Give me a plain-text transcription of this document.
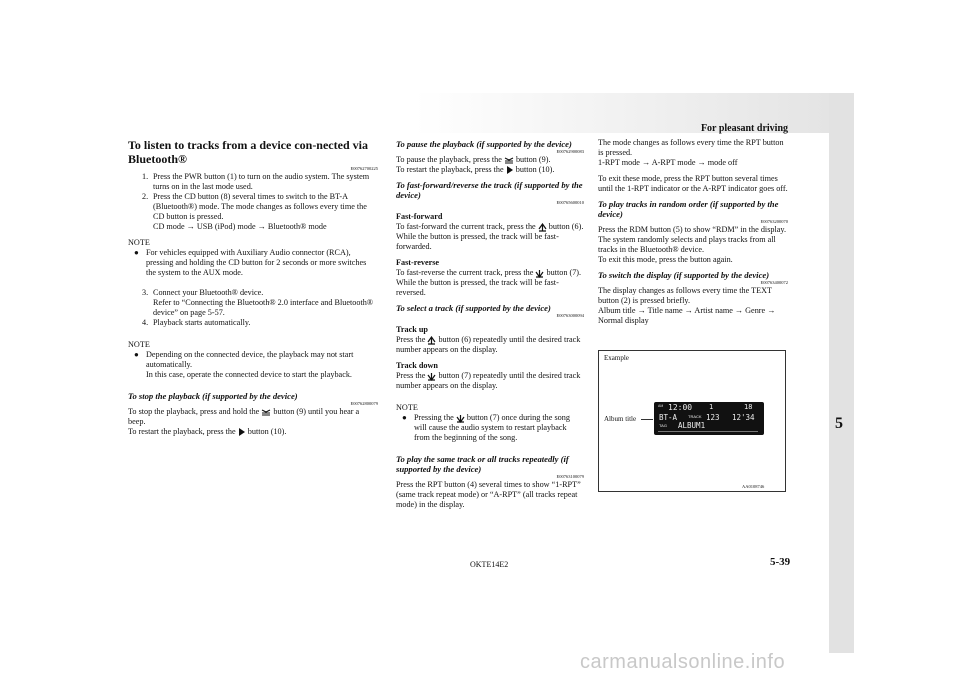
For pleasant driving
5
To listen to tracks from a device con-nected via Bluetooth®
E00762700225
1. Press the PWR button (1) to turn on the audio system. The system turns on in the last mode used.
2. Press the CD button (8) several times to switch to the BT-A (Bluetooth®) mode. The mode changes as follows every time the CD button is pressed.
CD mode → USB (iPod) mode → Bluetooth® mode
NOTE
● For vehicles equipped with Auxiliary Audio connector (RCA), pressing and holding the CD button for 2 seconds or more switches the system to the AUX mode.
3. Connect your Bluetooth® device.
Refer to “Connecting the Bluetooth® 2.0 interface and Bluetooth® device” on page 5-57.
4. Playback starts automatically.
NOTE
● Depending on the connected device, the playback may not start automatically.
In this case, operate the connected device to start the playback.
To stop the playback (if supported by the device)
E00762800079

To stop the playback, press and hold the button (9) until you hear a beep.

To restart the playback, press the button (10).

To pause the playback (if supported by the device)
E00762900083

To pause the playback, press the button (9).

To restart the playback, press the button (10).

To fast-forward/reverse the track (if supported by the device)
E00765600010
Fast-forward

To fast-forward the current track, press the button (6). While the button is pressed, the track will be fast-forwarded.

Fast-reverse

To fast-reverse the current track, press the button (7). While the button is pressed, the track will be fast-reversed.

To select a track (if supported by the device)
E00763000094
Track up

Press the button (6) repeatedly until the desired track number appears on the display.

Track down

Press the button (7) repeatedly until the desired track number appears on the display.

NOTE
● Pressing the button (7) once during the song will cause the audio system to restart playback from the beginning of the song.
To play the same track or all tracks repeatedly (if supported by the device)
E00763100079

Press the RPT button (4) several times to show “1-RPT” (same track repeat mode) or “A-RPT” (all tracks repeat mode) in the display.

The mode changes as follows every time the RPT button is pressed.

1-RPT mode → A-RPT mode → mode off

To exit these mode, press the RPT button several times until the 1-RPT indicator or the A-RPT indicator goes off.

To play tracks in random order (if supported by the device)
E00763200070

Press the RDM button (5) to show “RDM” in the display.

The system randomly selects and plays tracks from all tracks in the Bluetooth® device.

To exit this mode, press the button again.

To switch the display (if supported by the device)
E00763400072

The display changes as follows every time the TEXT button (2) is pressed briefly.

Album title → Title name → Artist name → Genre → Normal display

Example
Album title
AM 12:00 1	18
BT-A	TRACK 123 12'34
TAG ALBUM1
AA0108746
OKTE14E2	5-39
carmanualsonline.info
